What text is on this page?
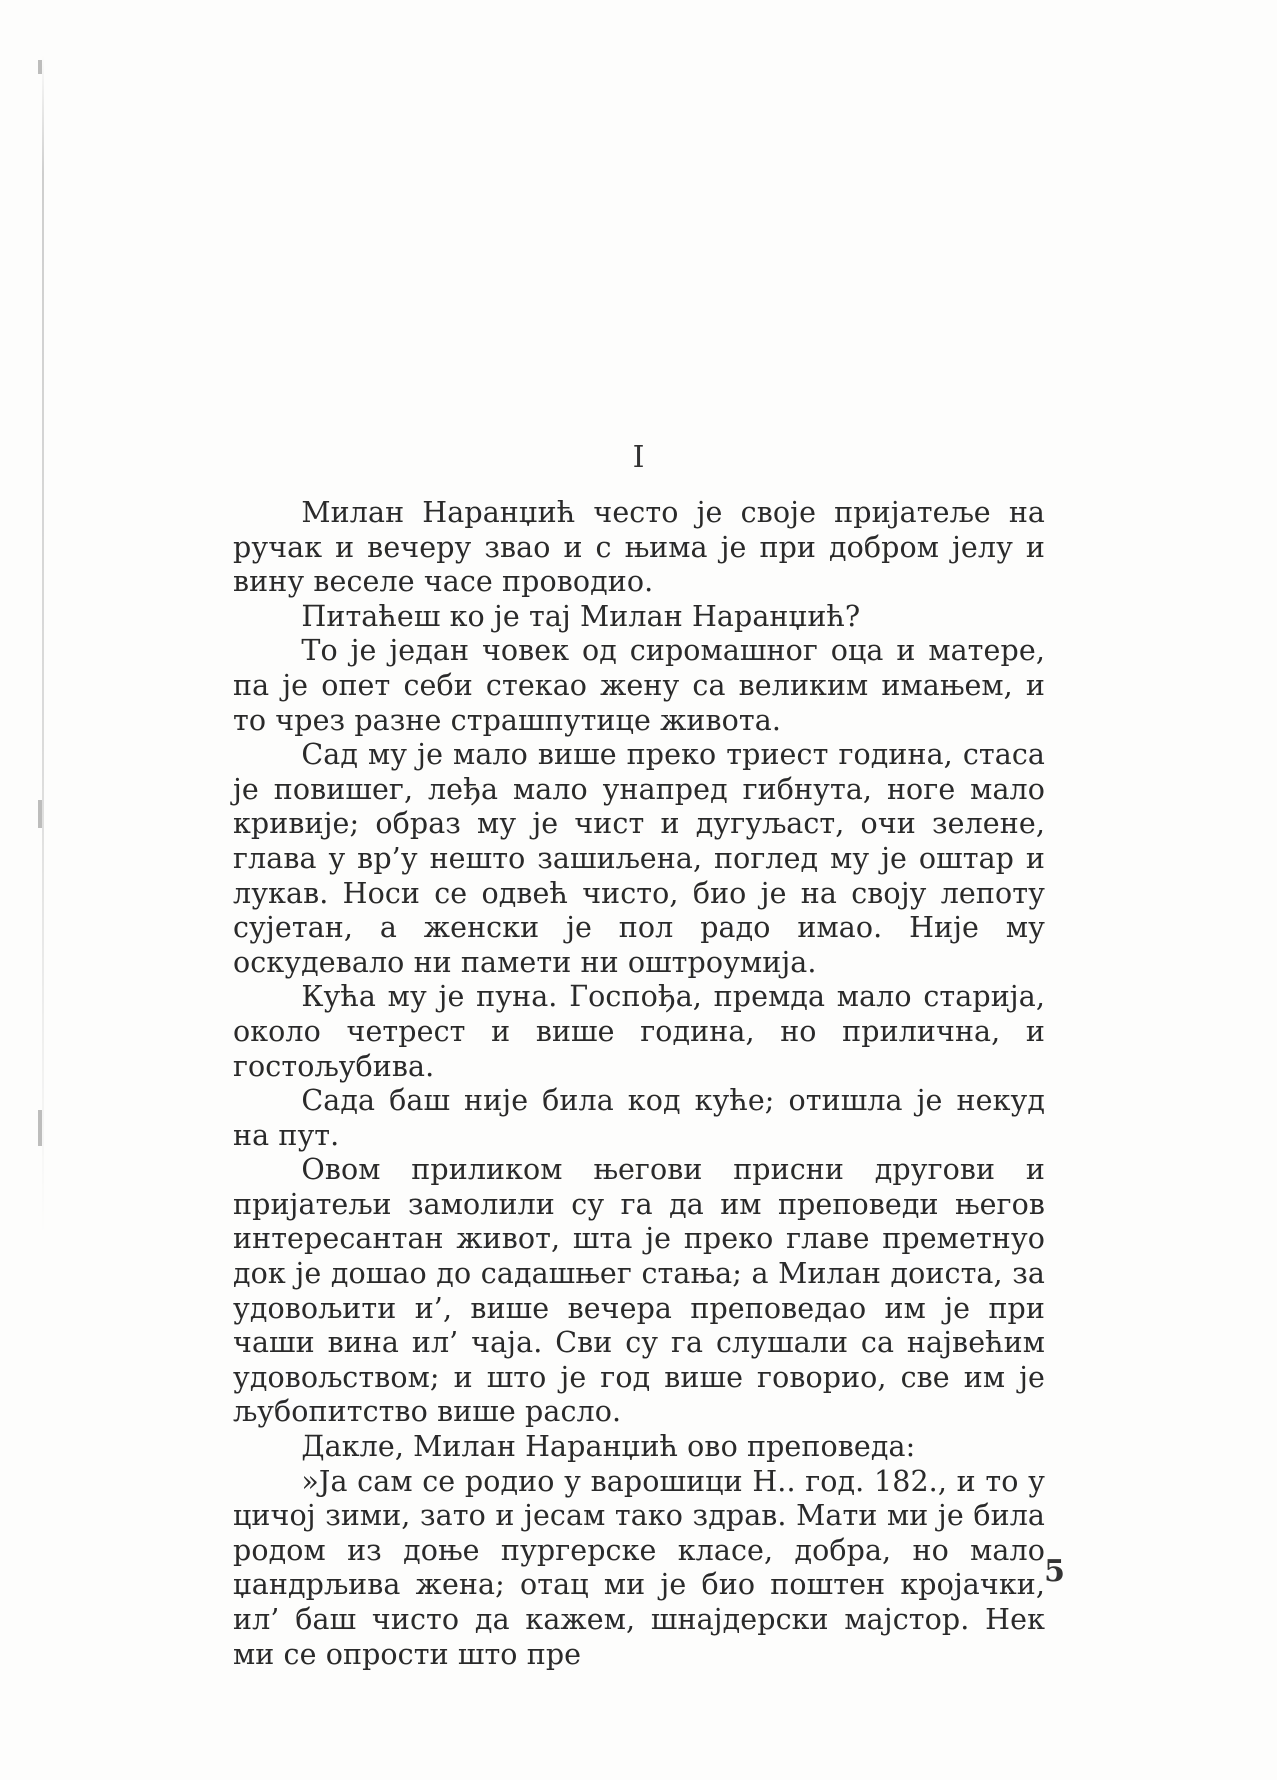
I

Милан Наранџић често је своје пријатеље на ручак и вечеру звао и с њима је при добром јелу и вину веселе часе проводио.

Питаћеш ко је тај Милан Наранџић?

То је један човек од сиромашног оца и матере, па је опет себи стекао жену са великим имањем, и то чрез разне страшпутице живота.

Сад му је мало више преко триест година, стаса је повишег, леђа мало унапред гибнута, ноге мало кривије; образ му је чист и дугуљаст, очи зелене, глава у вр’у нешто зашиљена, поглед му је оштар и лукав. Носи се одвећ чисто, био је на своју лепоту сујетан, а женски је пол радо имао. Није му оскудевало ни памети ни оштроумија.

Кућа му је пуна. Госпођа, премда мало старија, около четрест и више година, но прилична, и гостољубива.

Сада баш није била код куће; отишла је некуд на пут.

Овом приликом његови присни другови и пријатељи замолили су га да им преповеди његов интересантан живот, шта је преко главе преметнуо док је дошао до садашњег стања; а Милан доиста, за удовољити и’, више вечера преповедао им је при чаши вина ил’ чаја. Сви су га слушали са највећим удовољством; и што је год више говорио, све им је љубопитство више расло.

Дакле, Милан Наранџић ово преповеда:

»Ја сам се родио у варошици Н.. год. 182., и то у цичој зими, зато и јесам тако здрав. Мати ми је била родом из доње пургерске класе, добра, но мало џандрљива жена; отац ми је био поштен кројачки, ил’ баш чисто да кажем, шнајдерски мајстор. Нек ми се опрости што пре

5
